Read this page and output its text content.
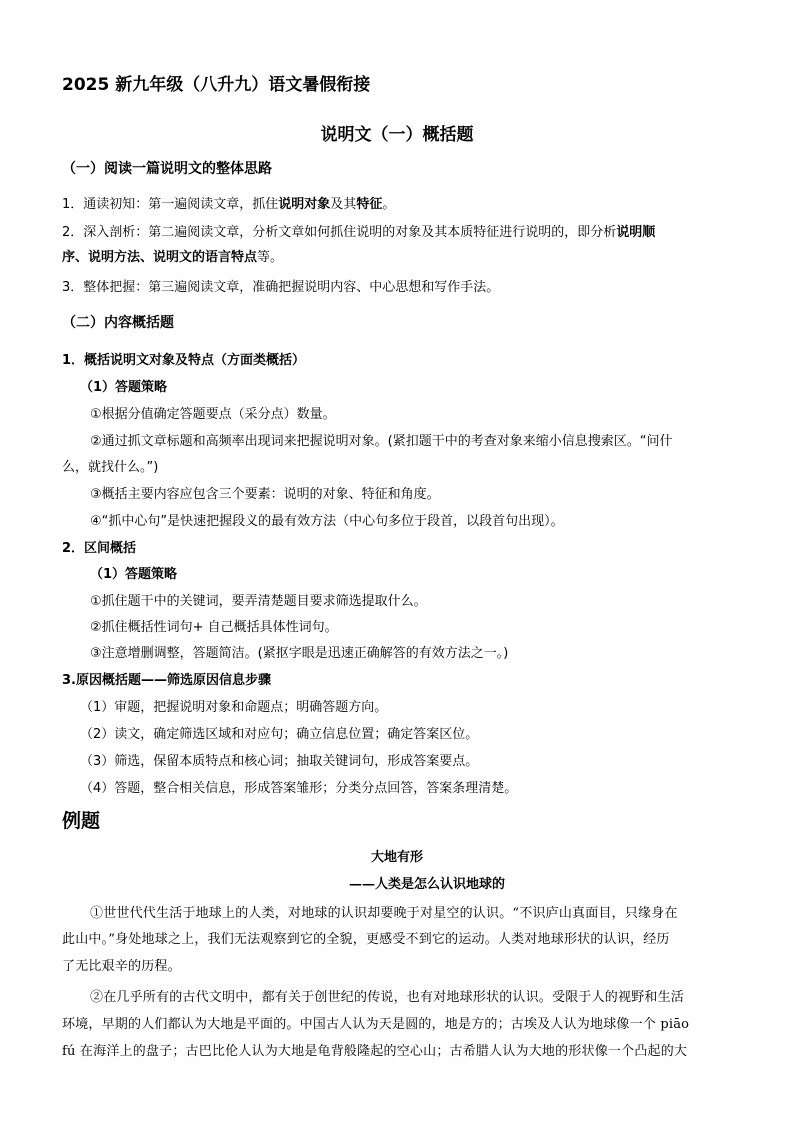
2025 新九年级（八升九）语文暑假衔接
说明文（一）概括题
（一）阅读一篇说明文的整体思路
1．通读初知：第一遍阅读文章，抓住说明对象及其特征。
2．深入剖析：第二遍阅读文章，分析文章如何抓住说明的对象及其本质特征进行说明的，即分析说明顺
序、说明方法、说明文的语言特点等。
3．整体把握：第三遍阅读文章，准确把握说明内容、中心思想和写作手法。
（二）内容概括题
1．概括说明文对象及特点（方面类概括）
（1）答题策略
①根据分值确定答题要点（采分点）数量。
②通过抓文章标题和高频率出现词来把握说明对象。(紧扣题干中的考查对象来缩小信息搜索区。“问什
么，就找什么。”)
③概括主要内容应包含三个要素：说明的对象、特征和角度。
④“抓中心句”是快速把握段义的最有效方法（中心句多位于段首，以段首句出现）。
2．区间概括
（1）答题策略
①抓住题干中的关键词，要弄清楚题目要求筛选提取什么。
②抓住概括性词句+ 自己概括具体性词句。
③注意增删调整，答题简洁。(紧抠字眼是迅速正确解答的有效方法之一。)
3.原因概括题——筛选原因信息步骤
（1）审题，把握说明对象和命题点；明确答题方向。
（2）读文，确定筛选区域和对应句；确立信息位置；确定答案区位。
（3）筛选，保留本质特点和核心词；抽取关键词句，形成答案要点。
（4）答题，整合相关信息，形成答案雏形；分类分点回答，答案条理清楚。
例题
大地有形
——人类是怎么认识地球的
①世世代代生活于地球上的人类，对地球的认识却要晚于对星空的认识。“不识庐山真面目，只缘身在
此山中。”身处地球之上，我们无法观察到它的全貌，更感受不到它的运动。人类对地球形状的认识，经历
了无比艰辛的历程。
②在几乎所有的古代文明中，都有关于创世纪的传说，也有对地球形状的认识。受限于人的视野和生活
环境，早期的人们都认为大地是平面的。中国古人认为天是圆的，地是方的；古埃及人认为地球像一个 piāo
fú 在海洋上的盘子；古巴比伦人认为大地是龟背般隆起的空心山；古希腊人认为大地的形状像一个凸起的大
